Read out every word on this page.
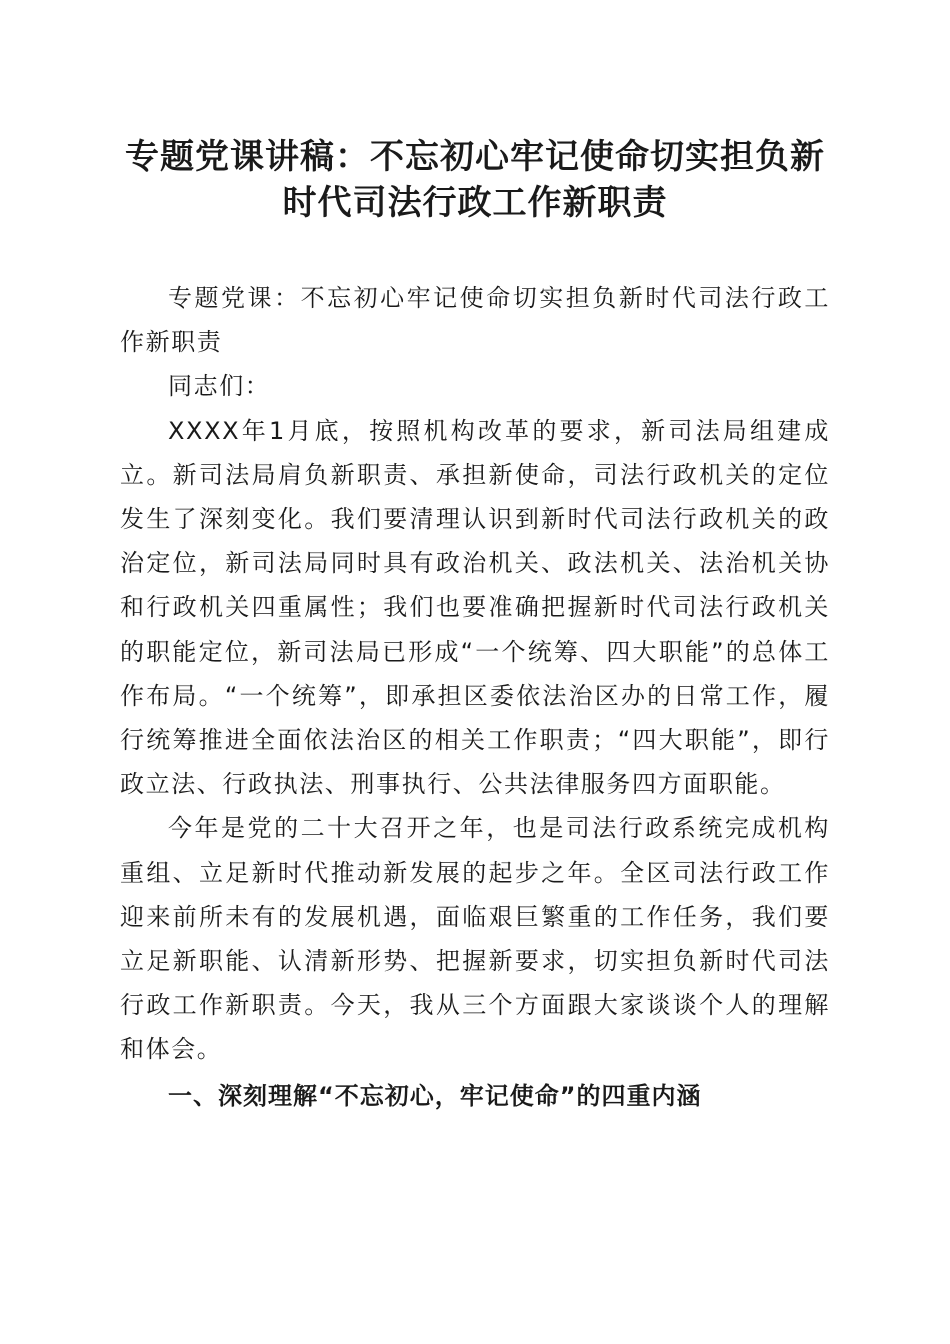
专题党课讲稿：不忘初心牢记使命切实担负新
时代司法行政工作新职责

专题党课：不忘初心牢记使命切实担负新时代司法行政工作新职责

同志们：

XXXX年1月底，按照机构改革的要求，新司法局组建成立。新司法局肩负新职责、承担新使命，司法行政机关的定位发生了深刻变化。我们要清理认识到新时代司法行政机关的政治定位，新司法局同时具有政治机关、政法机关、法治机关协和行政机关四重属性；我们也要准确把握新时代司法行政机关的职能定位，新司法局已形成“一个统筹、四大职能”的总体工作布局。“一个统筹”，即承担区委依法治区办的日常工作，履行统筹推进全面依法治区的相关工作职责；“四大职能”，即行政立法、行政执法、刑事执行、公共法律服务四方面职能。

今年是党的二十大召开之年，也是司法行政系统完成机构重组、立足新时代推动新发展的起步之年。全区司法行政工作迎来前所未有的发展机遇，面临艰巨繁重的工作任务，我们要立足新职能、认清新形势、把握新要求，切实担负新时代司法行政工作新职责。今天，我从三个方面跟大家谈谈个人的理解和体会。

一、深刻理解“不忘初心，牢记使命”的四重内涵
